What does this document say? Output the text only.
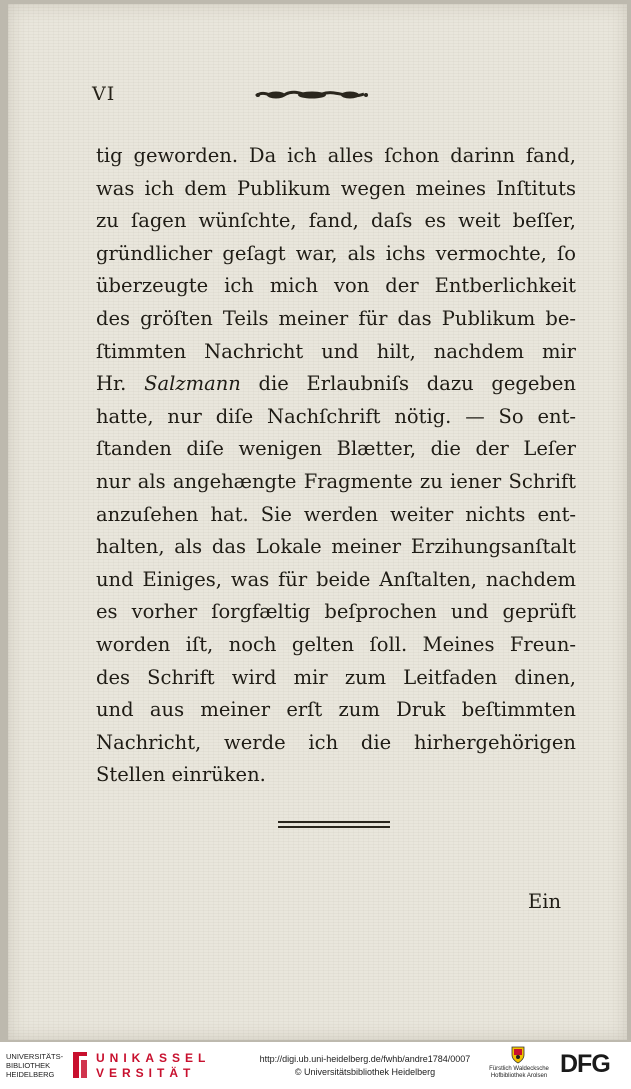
VI
tig geworden. Da ich alles ſchon darinn fand,
was ich dem Publikum wegen meines Inſtituts
zu ſagen wünſchte, fand, daſs es weit beſſer,
gründlicher geſagt war, als ichs vermochte, ſo
überzeugte ich mich von der Entberlichkeit
des gröſten Teils meiner für das Publikum be-
ſtimmten Nachricht und hilt, nachdem mir
Hr. Salzmann die Erlaubniſs dazu gegeben
hatte, nur diſe Nachſchrift nötig. — So ent-
ſtanden diſe wenigen Blætter, die der Leſer
nur als angehængte Fragmente zu iener Schrift
anzuſehen hat. Sie werden weiter nichts ent-
halten, als das Lokale meiner Erzihungsanſtalt
und Einiges, was für beide Anſtalten, nachdem
es vorher ſorgfæltig beſprochen und geprüft
worden iſt, noch gelten ſoll. Meines Freun-
des Schrift wird mir zum Leitfaden dinen,
und aus meiner erſt zum Druk beſtimmten
Nachricht, werde ich die hirhergehörigen
Stellen einrüken.
Ein
UNIVERSITÄTS-
BIBLIOTHEK
HEIDELBERG
UNIKASSEL
VERSITÄT
http://digi.ub.uni-heidelberg.de/fwhb/andre1784/0007
© Universitätsbibliothek Heidelberg	Fürstlich Waldecksche
Hofbibliothek Arolsen DFG
